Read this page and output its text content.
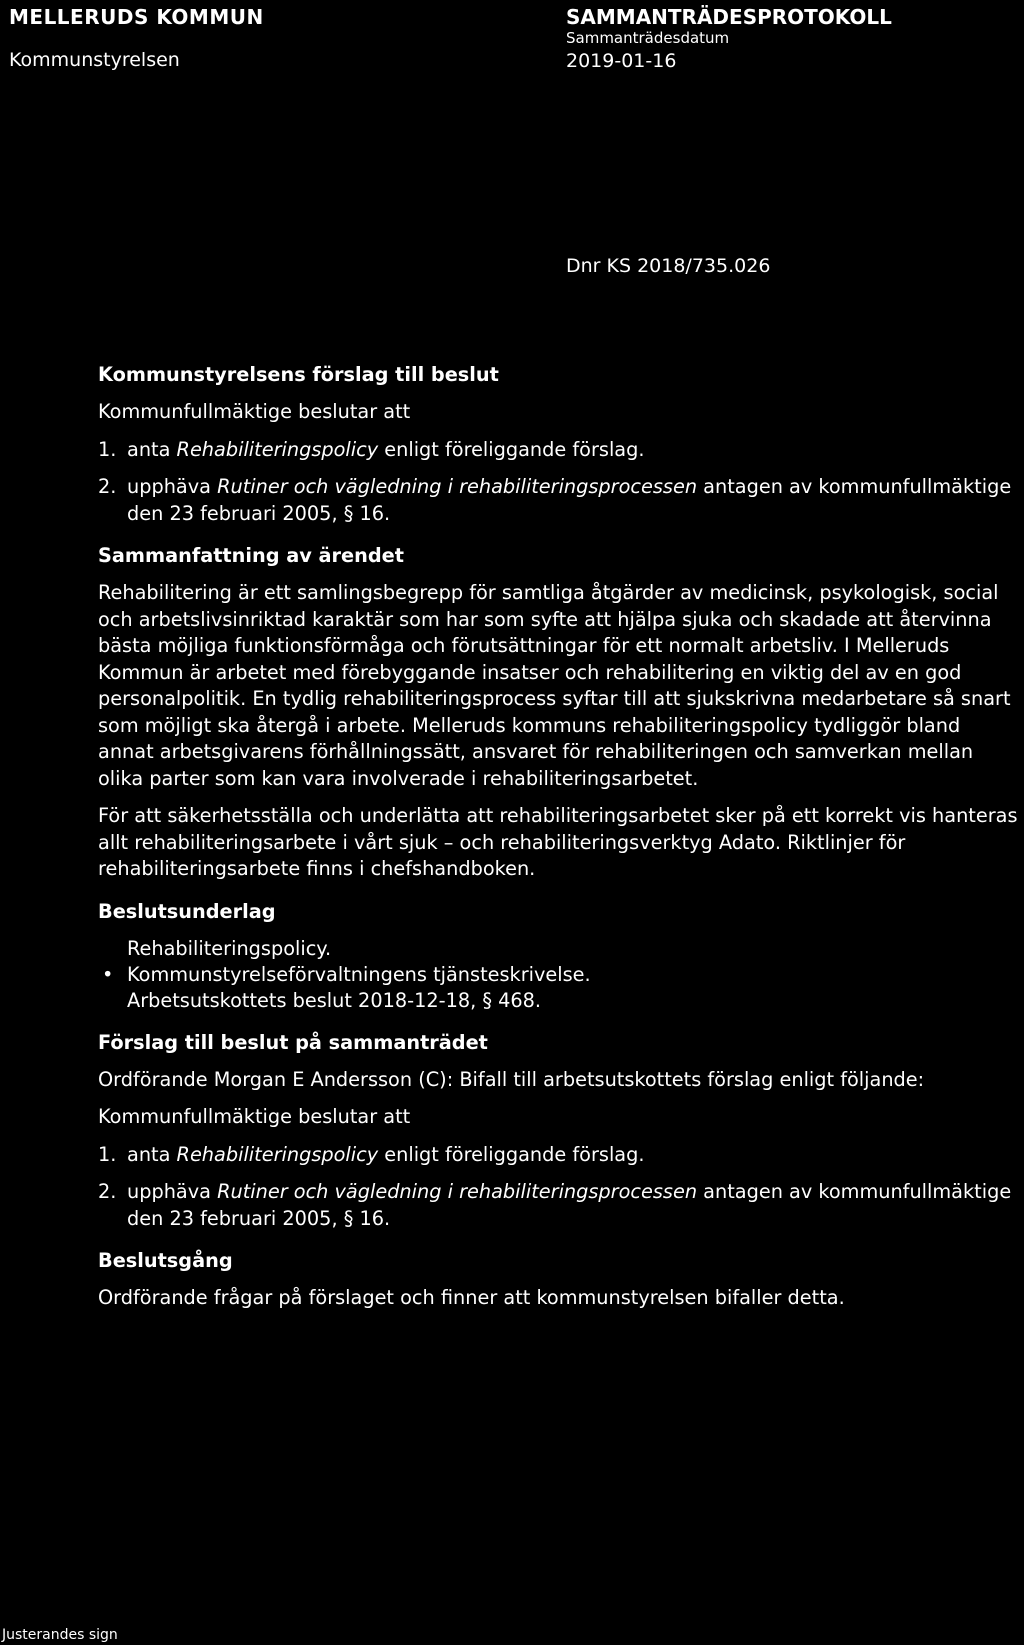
MELLERUDS KOMMUN
Kommunstyrelsen
SAMMANTRÄDESPROTOKOLL
Sammanträdesdatum
2019-01-16
Dnr KS 2018/735.026
Kommunstyrelsens förslag till beslut

Kommunfullmäktige beslutar att

1. anta Rehabiliteringspolicy enligt föreliggande förslag.
2. upphäva Rutiner och vägledning i rehabiliteringsprocessen antagen av kommunfullmäktige den 23 februari 2005, § 16.
Sammanfattning av ärendet

Rehabilitering är ett samlingsbegrepp för samtliga åtgärder av medicinsk, psykologisk, social och arbetslivsinriktad karaktär som har som syfte att hjälpa sjuka och skadade att återvinna bästa möjliga funktionsförmåga och förutsättningar för ett normalt arbetsliv. I Melleruds Kommun är arbetet med förebyggande insatser och rehabilitering en viktig del av en god personalpolitik. En tydlig rehabiliteringsprocess syftar till att sjukskrivna medarbetare så snart som möjligt ska återgå i arbete. Melleruds kommuns rehabiliteringspolicy tydliggör bland annat arbetsgivarens förhållningssätt, ansvaret för rehabiliteringen och samverkan mellan olika parter som kan vara involverade i rehabiliteringsarbetet.

För att säkerhetsställa och underlätta att rehabiliteringsarbetet sker på ett korrekt vis hanteras allt rehabiliteringsarbete i vårt sjuk – och rehabiliteringsverktyg Adato. Riktlinjer för rehabiliteringsarbete finns i chefshandboken.

Beslutsunderlag
Rehabiliteringspolicy.
• Kommunstyrelseförvaltningens tjänsteskrivelse.
Arbetsutskottets beslut 2018-12-18, § 468.
Förslag till beslut på sammanträdet

Ordförande Morgan E Andersson (C): Bifall till arbetsutskottets förslag enligt följande:

Kommunfullmäktige beslutar att

1. anta Rehabiliteringspolicy enligt föreliggande förslag.
2. upphäva Rutiner och vägledning i rehabiliteringsprocessen antagen av kommunfullmäktige den 23 februari 2005, § 16.
Beslutsgång

Ordförande frågar på förslaget och finner att kommunstyrelsen bifaller detta.

Justerandes sign
